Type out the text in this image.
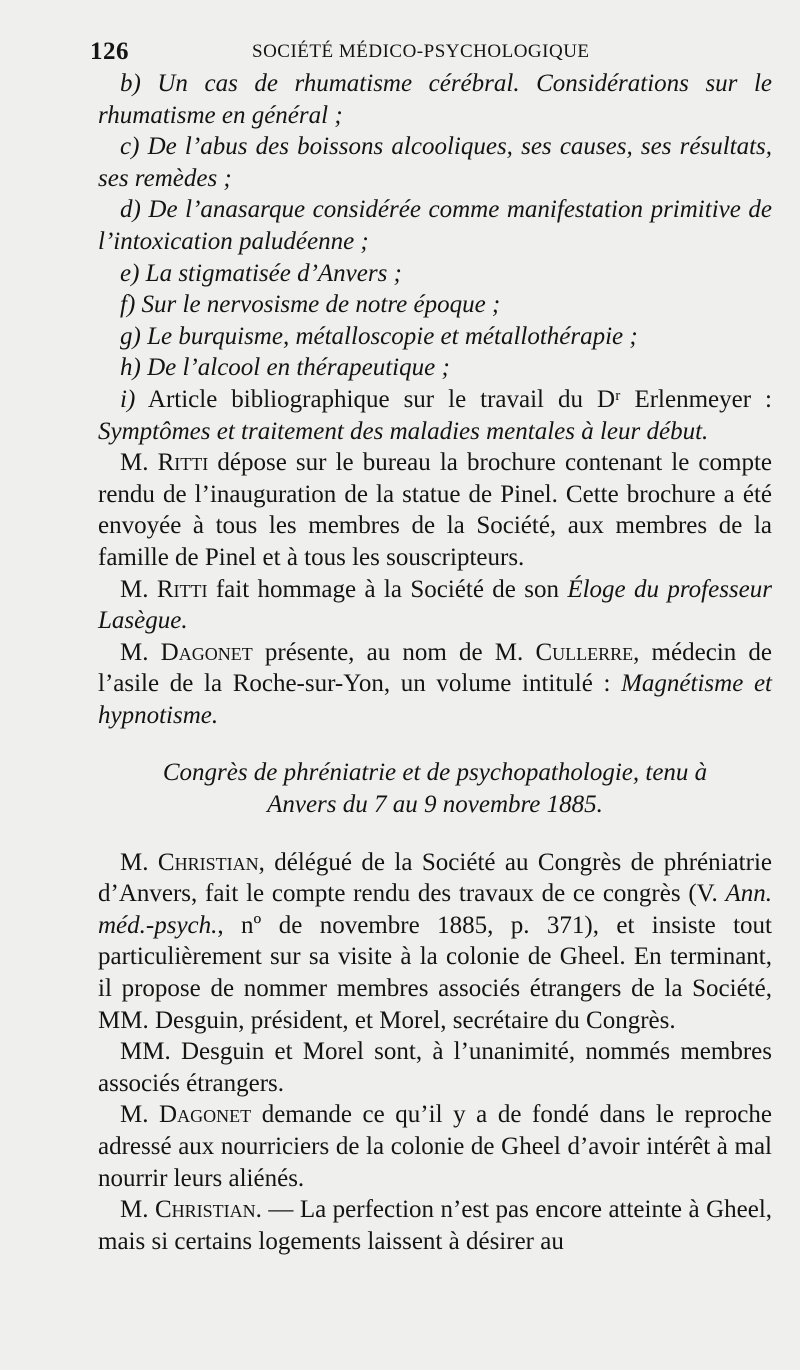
126	SOCIÉTÉ MÉDICO-PSYCHOLOGIQUE

b) Un cas de rhumatisme cérébral. Considérations sur le rhumatisme en général ;

c) De l’abus des boissons alcooliques, ses causes, ses résultats, ses remèdes ;

d) De l’anasarque considérée comme manifestation primitive de l’intoxication paludéenne ;

e) La stigmatisée d’Anvers ;

f) Sur le nervosisme de notre époque ;

g) Le burquisme, métalloscopie et métallothérapie ;

h) De l’alcool en thérapeutique ;

i) Article bibliographique sur le travail du Dʳ Erlenmeyer : Symptômes et traitement des maladies mentales à leur début.

M. Ritti dépose sur le bureau la brochure contenant le compte rendu de l’inauguration de la statue de Pinel. Cette brochure a été envoyée à tous les membres de la Société, aux membres de la famille de Pinel et à tous les souscripteurs.

M. Ritti fait hommage à la Société de son Éloge du professeur Lasègue.

M. Dagonet présente, au nom de M. Cullerre, médecin de l’asile de la Roche-sur-Yon, un volume intitulé : Magnétisme et hypnotisme.

Congrès de phréniatrie et de psychopathologie, tenu à
Anvers du 7 au 9 novembre 1885.

M. Christian, délégué de la Société au Congrès de phréniatrie d’Anvers, fait le compte rendu des travaux de ce congrès (V. Ann. méd.-psych., nº de novembre 1885, p. 371), et insiste tout particulièrement sur sa visite à la colonie de Gheel. En terminant, il propose de nommer membres associés étrangers de la Société, MM. Desguin, président, et Morel, secrétaire du Congrès.

MM. Desguin et Morel sont, à l’unanimité, nommés membres associés étrangers.

M. Dagonet demande ce qu’il y a de fondé dans le reproche adressé aux nourriciers de la colonie de Gheel d’avoir intérêt à mal nourrir leurs aliénés.

M. Christian. — La perfection n’est pas encore atteinte à Gheel, mais si certains logements laissent à désirer au
